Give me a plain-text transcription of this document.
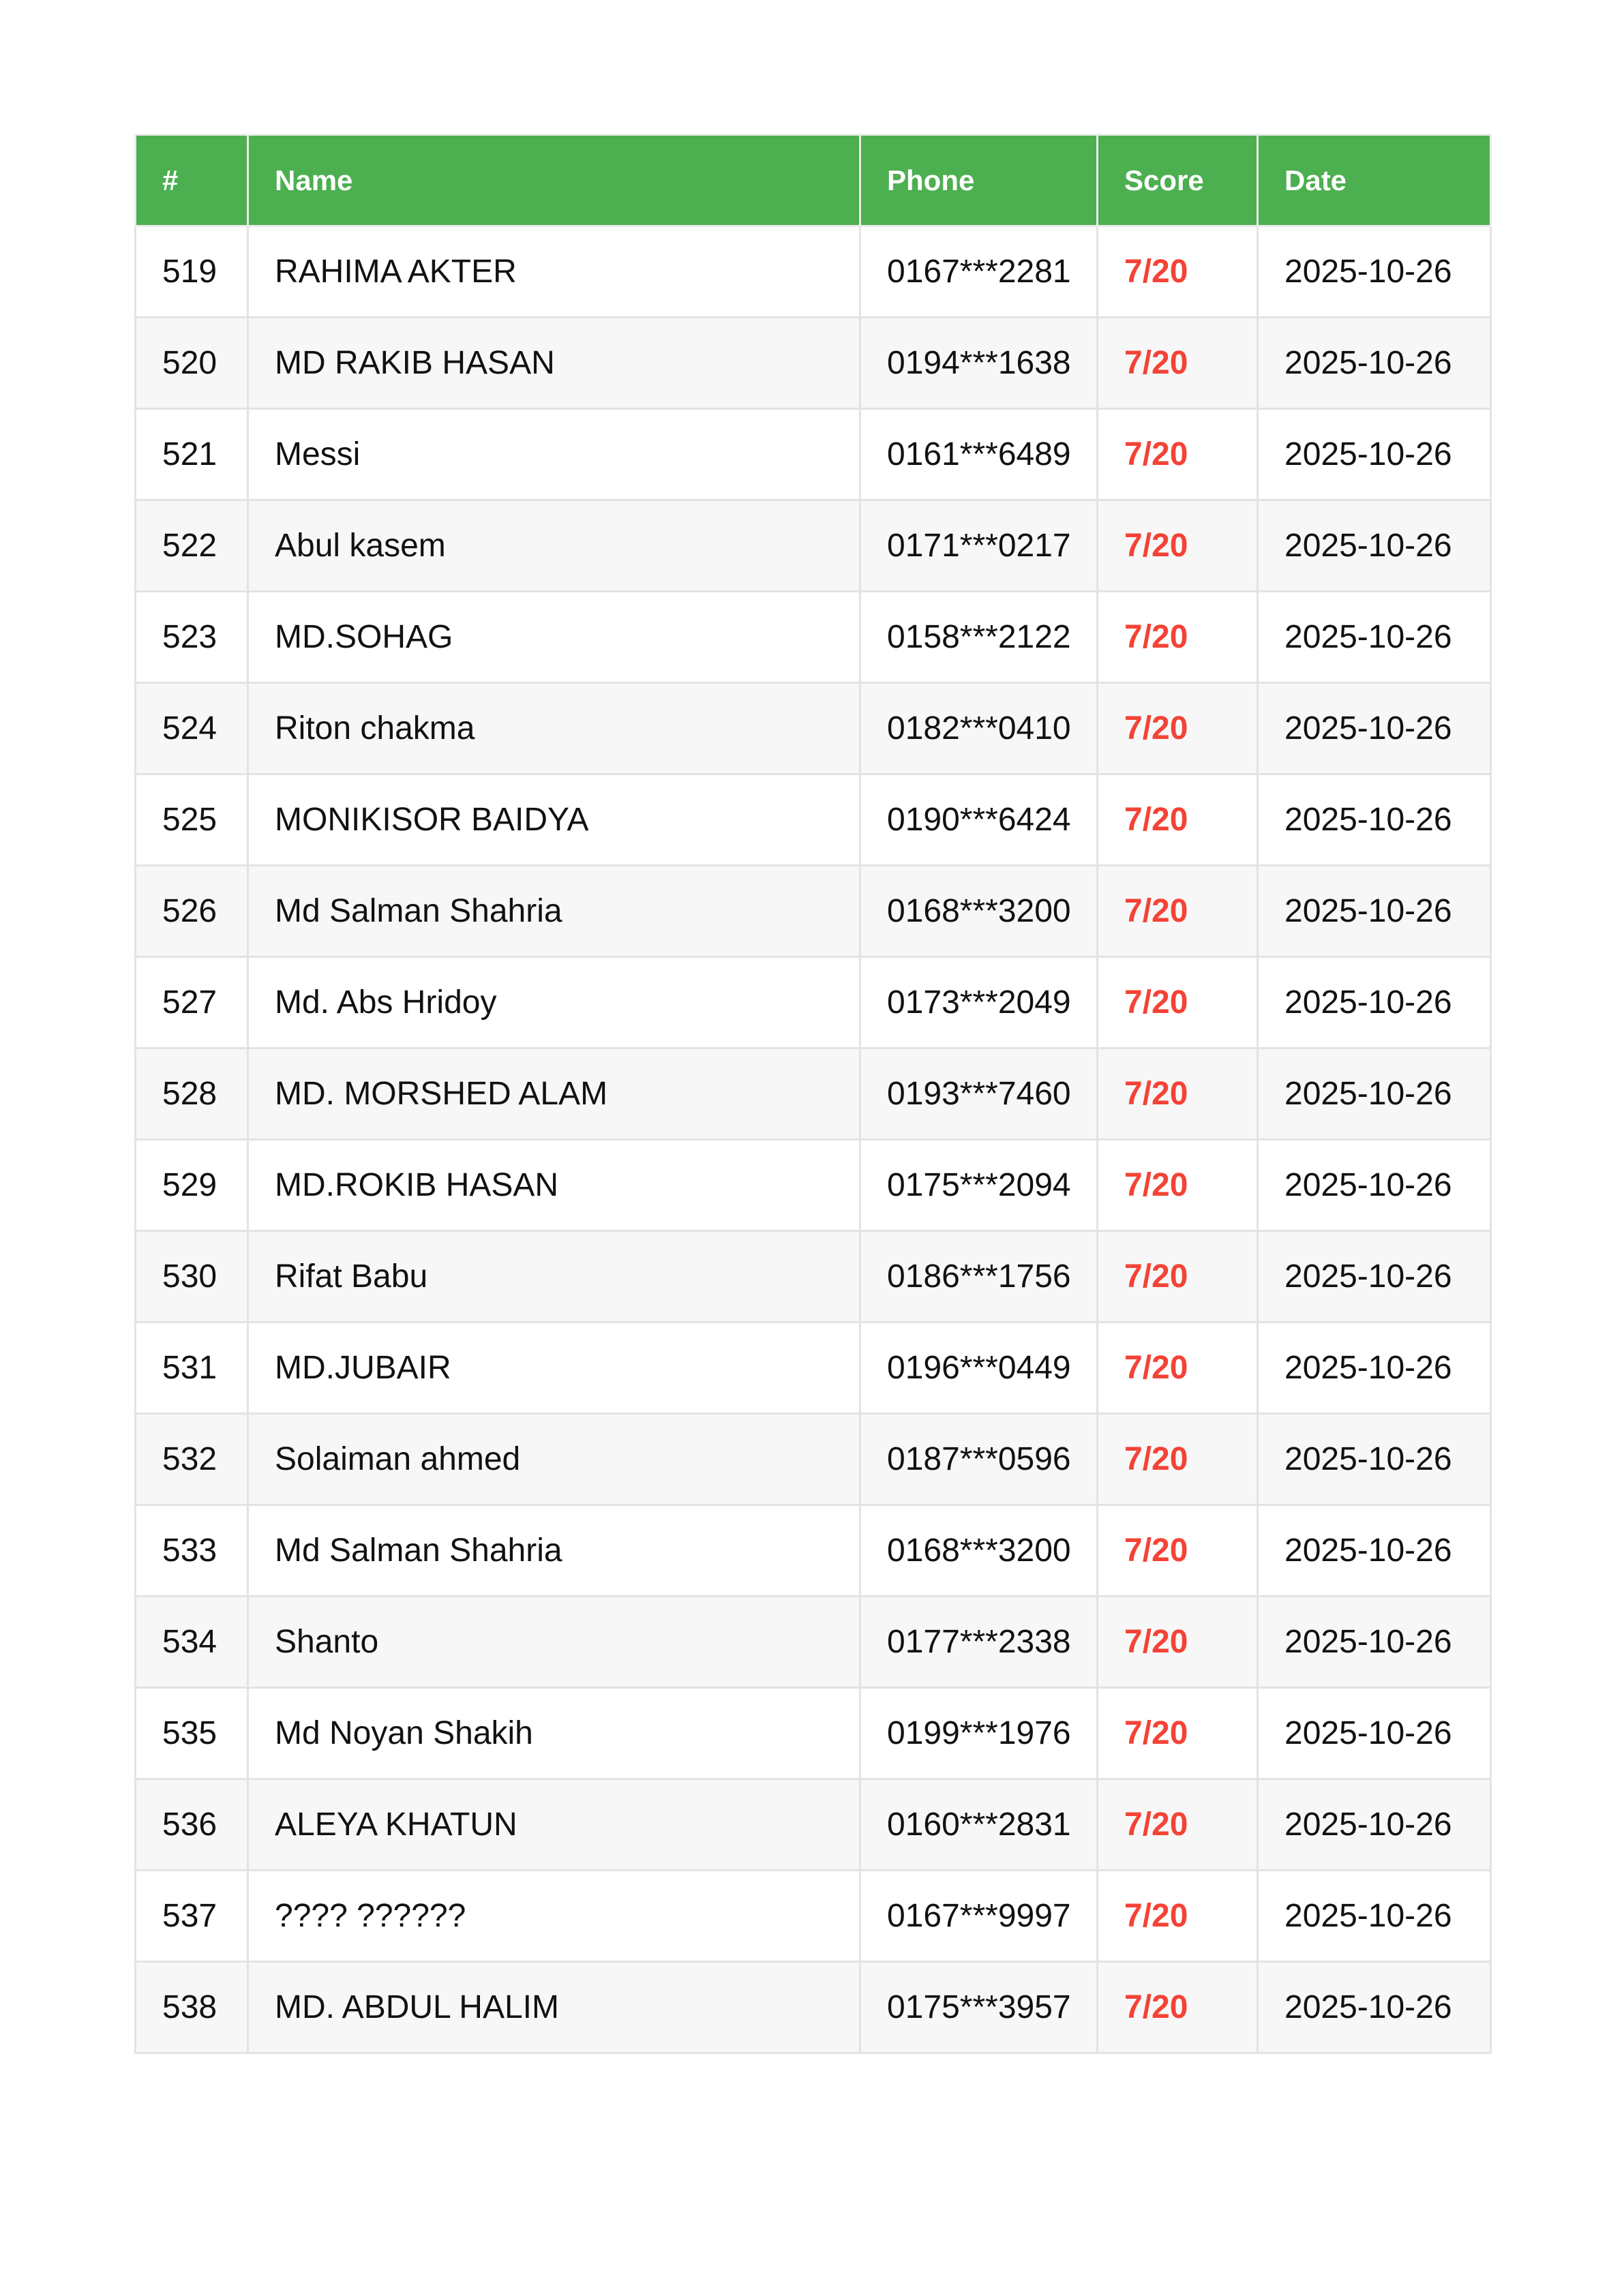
#	Name	Phone	Score	Date
519	RAHIMA AKTER	0167***2281	7/20	2025-10-26
520	MD RAKIB HASAN	0194***1638	7/20	2025-10-26
521	Messi	0161***6489	7/20	2025-10-26
522	Abul kasem	0171***0217	7/20	2025-10-26
523	MD.SOHAG	0158***2122	7/20	2025-10-26
524	Riton chakma	0182***0410	7/20	2025-10-26
525	MONIKISOR BAIDYA	0190***6424	7/20	2025-10-26
526	Md Salman Shahria	0168***3200	7/20	2025-10-26
527	Md. Abs Hridoy	0173***2049	7/20	2025-10-26
528	MD. MORSHED ALAM	0193***7460	7/20	2025-10-26
529	MD.ROKIB HASAN	0175***2094	7/20	2025-10-26
530	Rifat Babu	0186***1756	7/20	2025-10-26
531	MD.JUBAIR	0196***0449	7/20	2025-10-26
532	Solaiman ahmed	0187***0596	7/20	2025-10-26
533	Md Salman Shahria	0168***3200	7/20	2025-10-26
534	Shanto	0177***2338	7/20	2025-10-26
535	Md Noyan Shakih	0199***1976	7/20	2025-10-26
536	ALEYA KHATUN	0160***2831	7/20	2025-10-26
537	???? ??????	0167***9997	7/20	2025-10-26
538	MD. ABDUL HALIM	0175***3957	7/20	2025-10-26
